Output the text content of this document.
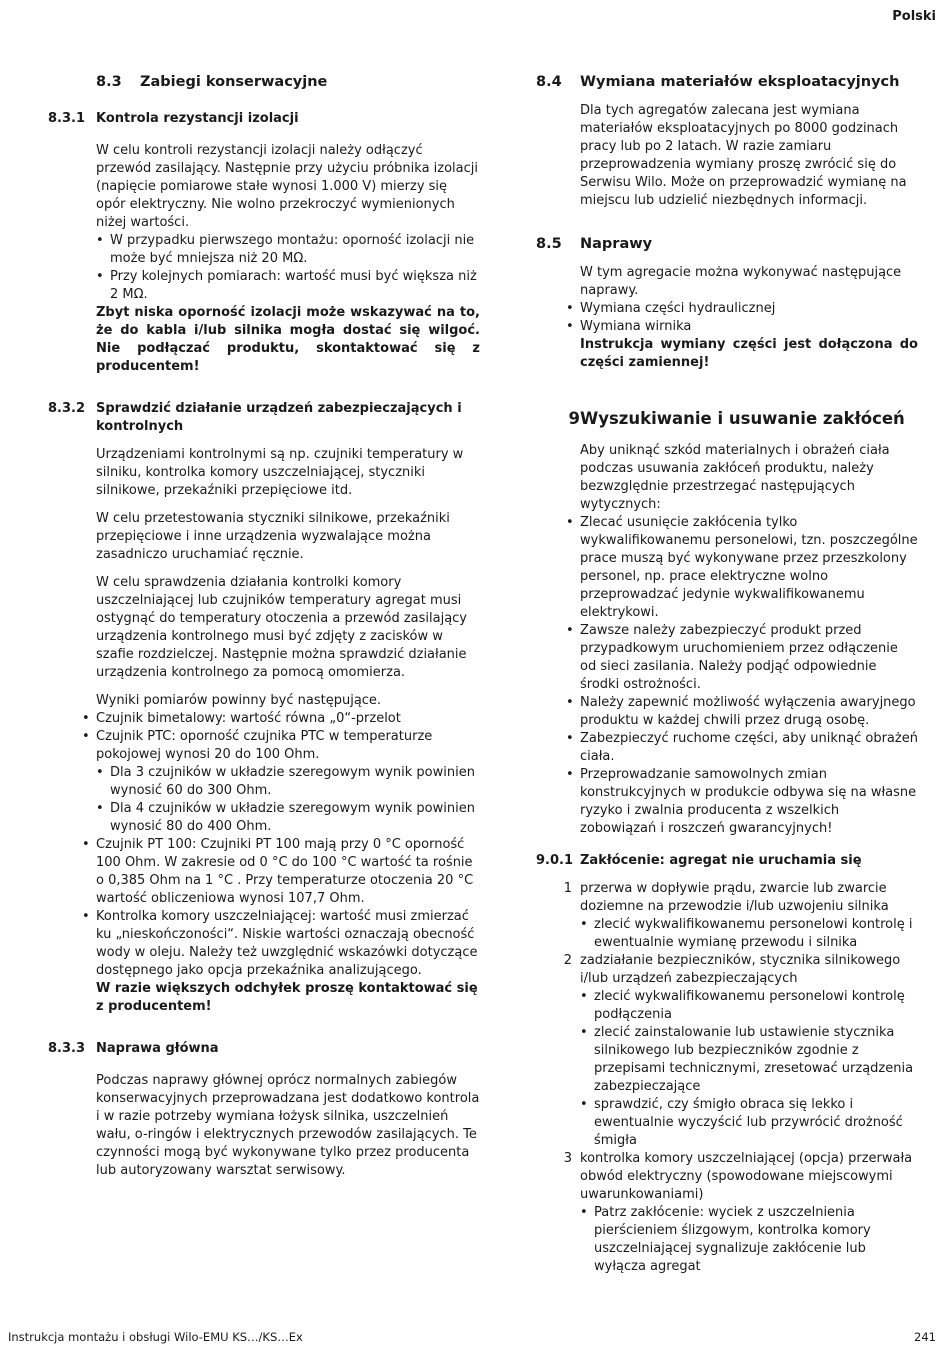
Polski
8.3	Zabiegi konserwacyjne
8.3.1 Kontrola rezystancji izolacji

W celu kontroli rezystancji izolacji należy odłączyć przewód zasilający. Następnie przy użyciu próbnika izolacji (napięcie pomiarowe stałe wynosi 1.000 V) mierzy się opór elektryczny. Nie wolno przekroczyć wymienionych niżej wartości.

• W przypadku pierwszego montażu: oporność izolacji nie może być mniejsza niż 20 MΩ.
• Przy kolejnych pomiarach: wartość musi być większa niż 2 MΩ.

Zbyt niska oporność izolacji może wskazywać na to, że do kabla i/lub silnika mogła dostać się wilgoć. Nie podłączać produktu, skontaktować się z producentem!

8.3.2 Sprawdzić działanie urządzeń zabezpieczających i kontrolnych

Urządzeniami kontrolnymi są np. czujniki temperatury w silniku, kontrolka komory uszczelniającej, styczniki silnikowe, przekaźniki przepięciowe itd.

W celu przetestowania styczniki silnikowe, przekaźniki przepięciowe i inne urządzenia wyzwalające można zasadniczo uruchamiać ręcznie.

W celu sprawdzenia działania kontrolki komory uszczelniającej lub czujników temperatury agregat musi ostygnąć do temperatury otoczenia a przewód zasilający urządzenia kontrolnego musi być zdjęty z zacisków w szafie rozdzielczej. Następnie można sprawdzić działanie urządzenia kontrolnego za pomocą omomierza.

Wyniki pomiarów powinny być następujące.

• Czujnik bimetalowy: wartość równa „0“-przelot
• Czujnik PTC: oporność czujnika PTC w temperaturze pokojowej wynosi 20 do 100 Ohm.
• Dla 3 czujników w układzie szeregowym wynik powinien wynosić 60 do 300 Ohm.
• Dla 4 czujników w układzie szeregowym wynik powinien wynosić 80 do 400 Ohm.
• Czujnik PT 100: Czujniki PT 100 mają przy 0 °C oporność 100 Ohm. W zakresie od 0 °C do 100 °C wartość ta rośnie o 0,385 Ohm na 1 °C . Przy temperaturze otoczenia 20 °C wartość obliczeniowa wynosi 107,7 Ohm.
• Kontrolka komory uszczelniającej: wartość musi zmierzać ku „nieskończoności“. Niskie wartości oznaczają obecność wody w oleju. Należy też uwzględnić wskazówki dotyczące dostępnego jako opcja przekaźnika analizującego.

W razie większych odchyłek proszę kontaktować się z producentem!

8.3.3 Naprawa główna

Podczas naprawy głównej oprócz normalnych zabiegów konserwacyjnych przeprowadzana jest dodatkowo kontrola i w razie potrzeby wymiana łożysk silnika, uszczelnień wału, o-ringów i elektrycznych przewodów zasilających. Te czynności mogą być wykonywane tylko przez producenta lub autoryzowany warsztat serwisowy.

8.4	Wymiana materiałów eksploatacyjnych

Dla tych agregatów zalecana jest wymiana materiałów eksploatacyjnych po 8000 godzinach pracy lub po 2 latach. W razie zamiaru przeprowadzenia wymiany proszę zwrócić się do Serwisu Wilo. Może on przeprowadzić wymianę na miejscu lub udzielić niezbędnych informacji.

8.5	Naprawy

W tym agregacie można wykonywać następujące naprawy.

• Wymiana części hydraulicznej
• Wymiana wirnika

Instrukcja wymiany części jest dołączona do części zamiennej!

9 Wyszukiwanie i usuwanie zakłóceń

Aby uniknąć szkód materialnych i obrażeń ciała podczas usuwania zakłóceń produktu, należy bezwzględnie przestrzegać następujących wytycznych:

• Zlecać usunięcie zakłócenia tylko wykwalifikowanemu personelowi, tzn. poszczególne prace muszą być wykonywane przez przeszkolony personel, np. prace elektryczne wolno przeprowadzać jedynie wykwalifikowanemu elektrykowi.
• Zawsze należy zabezpieczyć produkt przed przypadkowym uruchomieniem przez odłączenie od sieci zasilania. Należy podjąć odpowiednie środki ostrożności.
• Należy zapewnić możliwość wyłączenia awaryjnego produktu w każdej chwili przez drugą osobę.
• Zabezpieczyć ruchome części, aby uniknąć obrażeń ciała.
• Przeprowadzanie samowolnych zmian konstrukcyjnych w produkcie odbywa się na własne ryzyko i zwalnia producenta z wszelkich zobowiązań i roszczeń gwarancyjnych!
9.0.1 Zakłócenie: agregat nie uruchamia się
1 przerwa w dopływie prądu, zwarcie lub zwarcie doziemne na przewodzie i/lub uzwojeniu silnika
• zlecić wykwalifikowanemu personelowi kontrolę i ewentualnie wymianę przewodu i silnika
2 zadziałanie bezpieczników, stycznika silnikowego i/lub urządzeń zabezpieczających
• zlecić wykwalifikowanemu personelowi kontrolę podłączenia
• zlecić zainstalowanie lub ustawienie stycznika silnikowego lub bezpieczników zgodnie z przepisami technicznymi, zresetować urządzenia zabezpieczające
• sprawdzić, czy śmigło obraca się lekko i ewentualnie wyczyścić lub przywrócić drożność śmigła
3 kontrolka komory uszczelniającej (opcja) przerwała obwód elektryczny (spowodowane miejscowymi uwarunkowaniami)
• Patrz zakłócenie: wyciek z uszczelnienia pierścieniem ślizgowym, kontrolka komory uszczelniającej sygnalizuje zakłócenie lub wyłącza agregat
Instrukcja montażu i obsługi Wilo-EMU KS…/KS…Ex	241
